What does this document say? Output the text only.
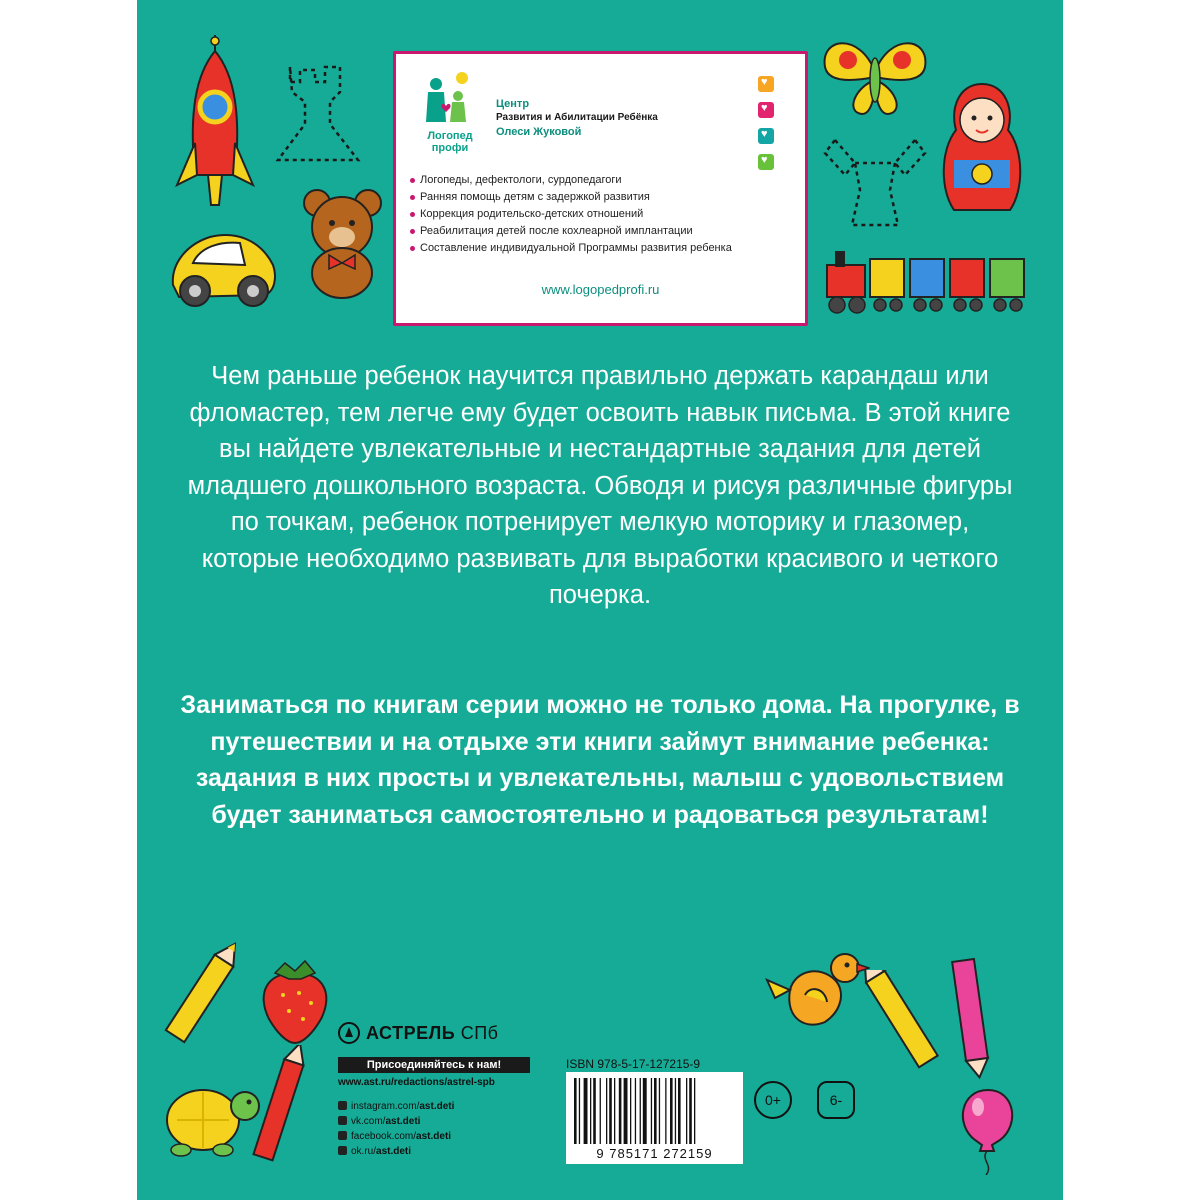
Логопед
профи
Центр
Развития и Абилитации Ребёнка
Олеси Жуковой
♥
♥
♥
♥
Логопеды, дефектологи, сурдопедагоги
Ранняя помощь детям с задержкой развития
Коррекция родительско-детских отношений
Реабилитация детей после кохлеарной имплантации
Составление индивидуальной Программы развития ребенка
www.logopedprofi.ru

Чем раньше ребенок научится правильно держать карандаш или фломастер, тем легче ему будет освоить навык письма. В этой книге вы найдете увлекательные и нестандартные задания для детей младшего дошкольного возраста. Обводя и рисуя различные фигуры по точкам, ребенок потренирует мелкую моторику и глазомер, которые необходимо развивать для выработки красивого и четкого почерка.

Заниматься по книгам серии можно не только дома. На прогулке, в путешествии и на отдыхе эти книги займут внимание ребенка: задания в них просты и увлекательны, малыш с удовольствием будет заниматься самостоятельно и радоваться результатам!

АСТРЕЛЬ СПб
Присоединяйтесь к нам!
www.ast.ru/redactions/astrel-spb
instagram.com/ast.deti
vk.com/ast.deti
facebook.com/ast.deti
ok.ru/ast.deti
ISBN 978-5-17-127215-9
9 785171 272159
0+	6-
